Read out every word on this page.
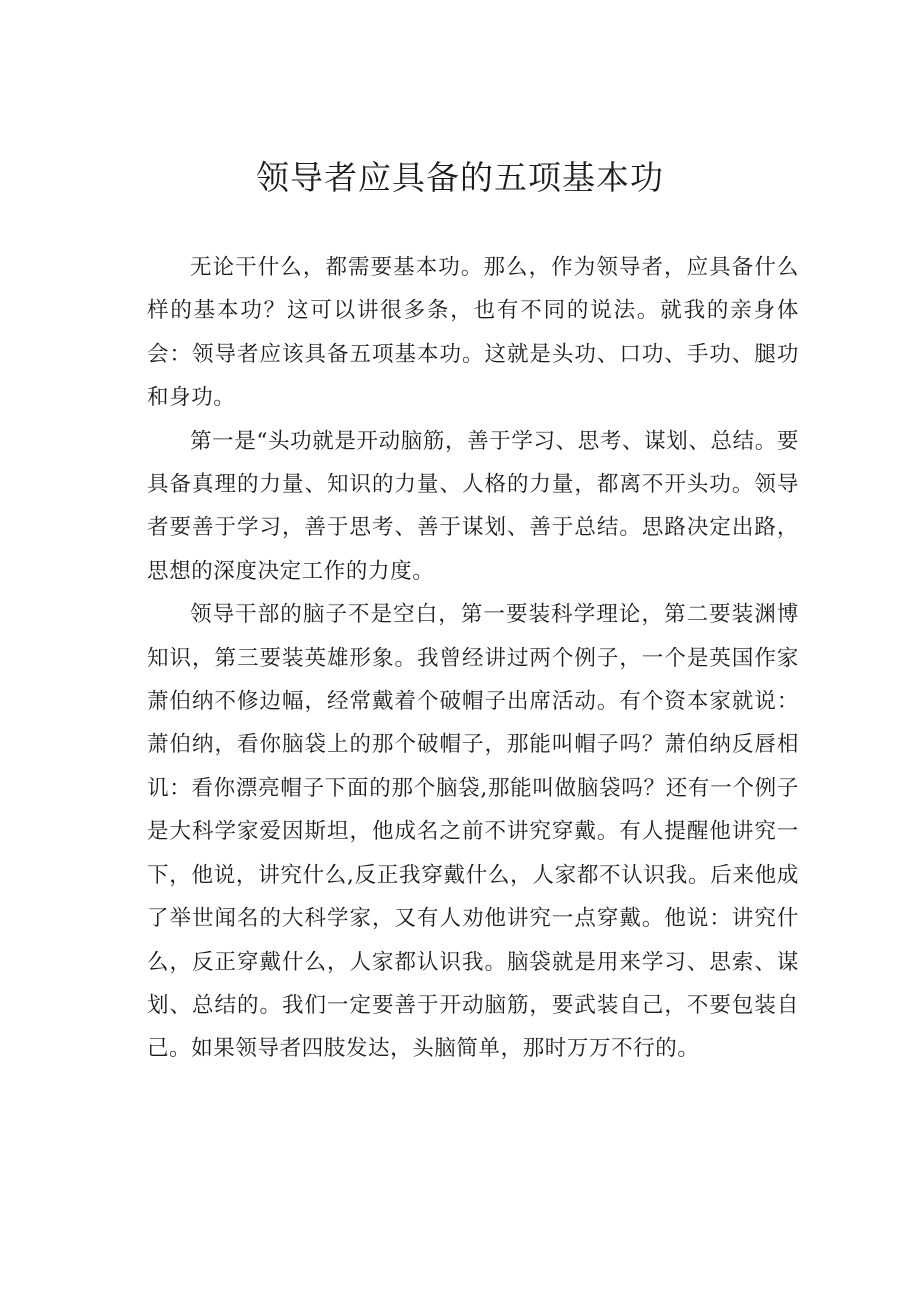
领导者应具备的五项基本功

无论干什么，都需要基本功。那么，作为领导者，应具备什么样的基本功？这可以讲很多条，也有不同的说法。就我的亲身体会：领导者应该具备五项基本功。这就是头功、口功、手功、腿功和身功。

第一是“头功就是开动脑筋，善于学习、思考、谋划、总结。要具备真理的力量、知识的力量、人格的力量，都离不开头功。领导者要善于学习，善于思考、善于谋划、善于总结。思路决定出路，思想的深度决定工作的力度。

领导干部的脑子不是空白，第一要装科学理论，第二要装渊博知识，第三要装英雄形象。我曾经讲过两个例子，一个是英国作家萧伯纳不修边幅，经常戴着个破帽子出席活动。有个资本家就说：萧伯纳，看你脑袋上的那个破帽子，那能叫帽子吗？萧伯纳反唇相讥：看你漂亮帽子下面的那个脑袋,那能叫做脑袋吗？还有一个例子是大科学家爱因斯坦，他成名之前不讲究穿戴。有人提醒他讲究一下，他说，讲究什么,反正我穿戴什么，人家都不认识我。后来他成了举世闻名的大科学家，又有人劝他讲究一点穿戴。他说：讲究什么，反正穿戴什么，人家都认识我。脑袋就是用来学习、思索、谋划、总结的。我们一定要善于开动脑筋，要武装自己，不要包装自己。如果领导者四肢发达，头脑简单，那时万万不行的。
